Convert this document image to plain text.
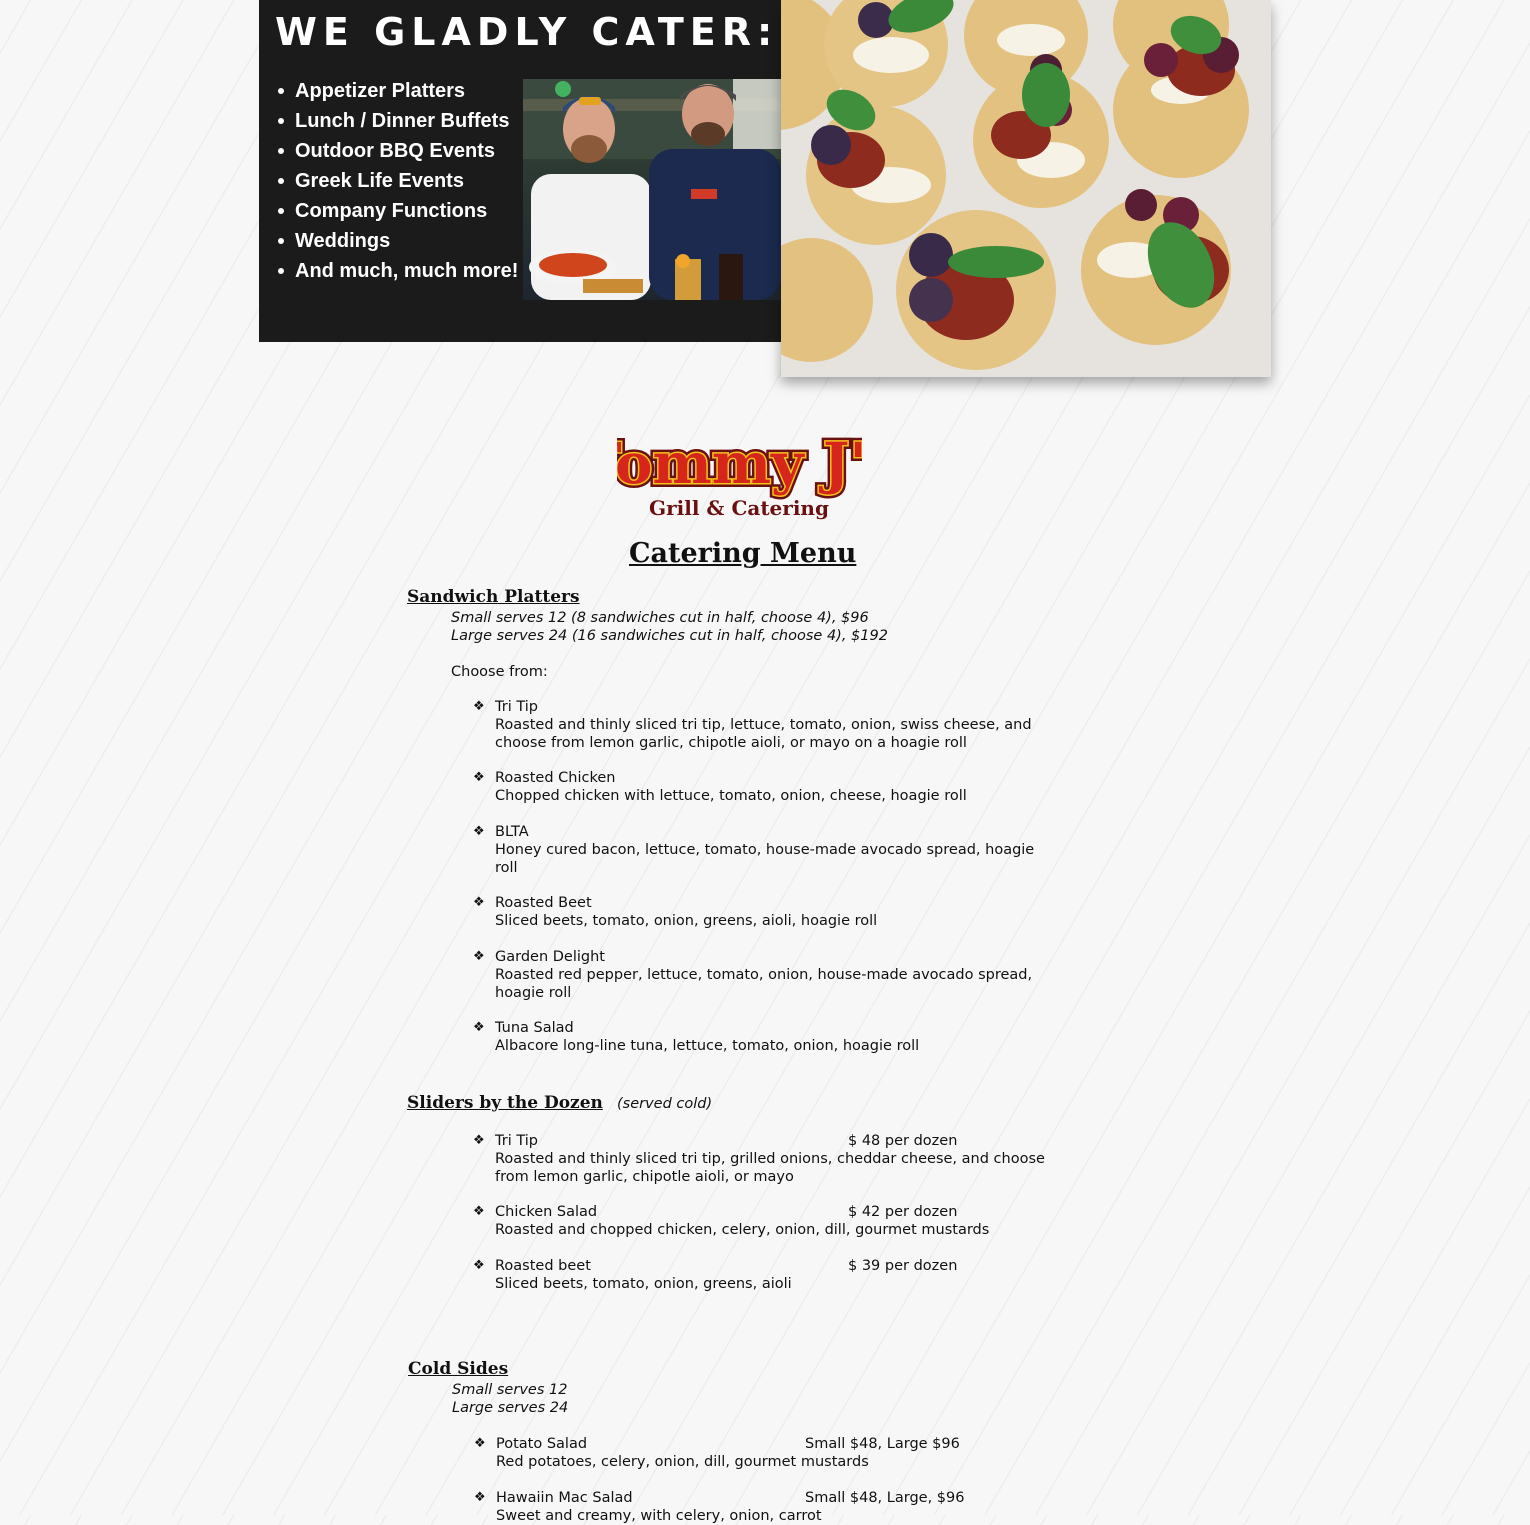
WE GLADLY CATER:
Appetizer Platters
Lunch / Dinner Buffets
Outdoor BBQ Events
Greek Life Events
Company Functions
Weddings
And much, much more!
ommy J
ommy J
Grill & Catering
Catering Menu
Sandwich Platters

Small serves 12 (8 sandwiches cut in half, choose 4), $96

Large serves 24 (16 sandwiches cut in half, choose 4), $192

Choose from:

❖ Tri Tip

Roasted and thinly sliced tri tip, lettuce, tomato, onion, swiss cheese, and

choose from lemon garlic, chipotle aioli, or mayo on a hoagie roll

❖ Roasted Chicken

Chopped chicken with lettuce, tomato, onion, cheese, hoagie roll

❖ BLTA

Honey cured bacon, lettuce, tomato, house-made avocado spread, hoagie

roll

❖ Roasted Beet

Sliced beets, tomato, onion, greens, aioli, hoagie roll

❖ Garden Delight

Roasted red pepper, lettuce, tomato, onion, house-made avocado spread,

hoagie roll

❖ Tuna Salad

Albacore long-line tuna, lettuce, tomato, onion, hoagie roll

Sliders by the Dozen (served cold)

❖ Tri Tip	$ 48 per dozen

Roasted and thinly sliced tri tip, grilled onions, cheddar cheese, and choose

from lemon garlic, chipotle aioli, or mayo

❖ Chicken Salad	$ 42 per dozen

Roasted and chopped chicken, celery, onion, dill, gourmet mustards

❖ Roasted beet	$ 39 per dozen

Sliced beets, tomato, onion, greens, aioli

Cold Sides

Small serves 12

Large serves 24

❖ Potato Salad	Small $48, Large $96

Red potatoes, celery, onion, dill, gourmet mustards

❖ Hawaiin Mac Salad	Small $48, Large, $96

Sweet and creamy, with celery, onion, carrot
